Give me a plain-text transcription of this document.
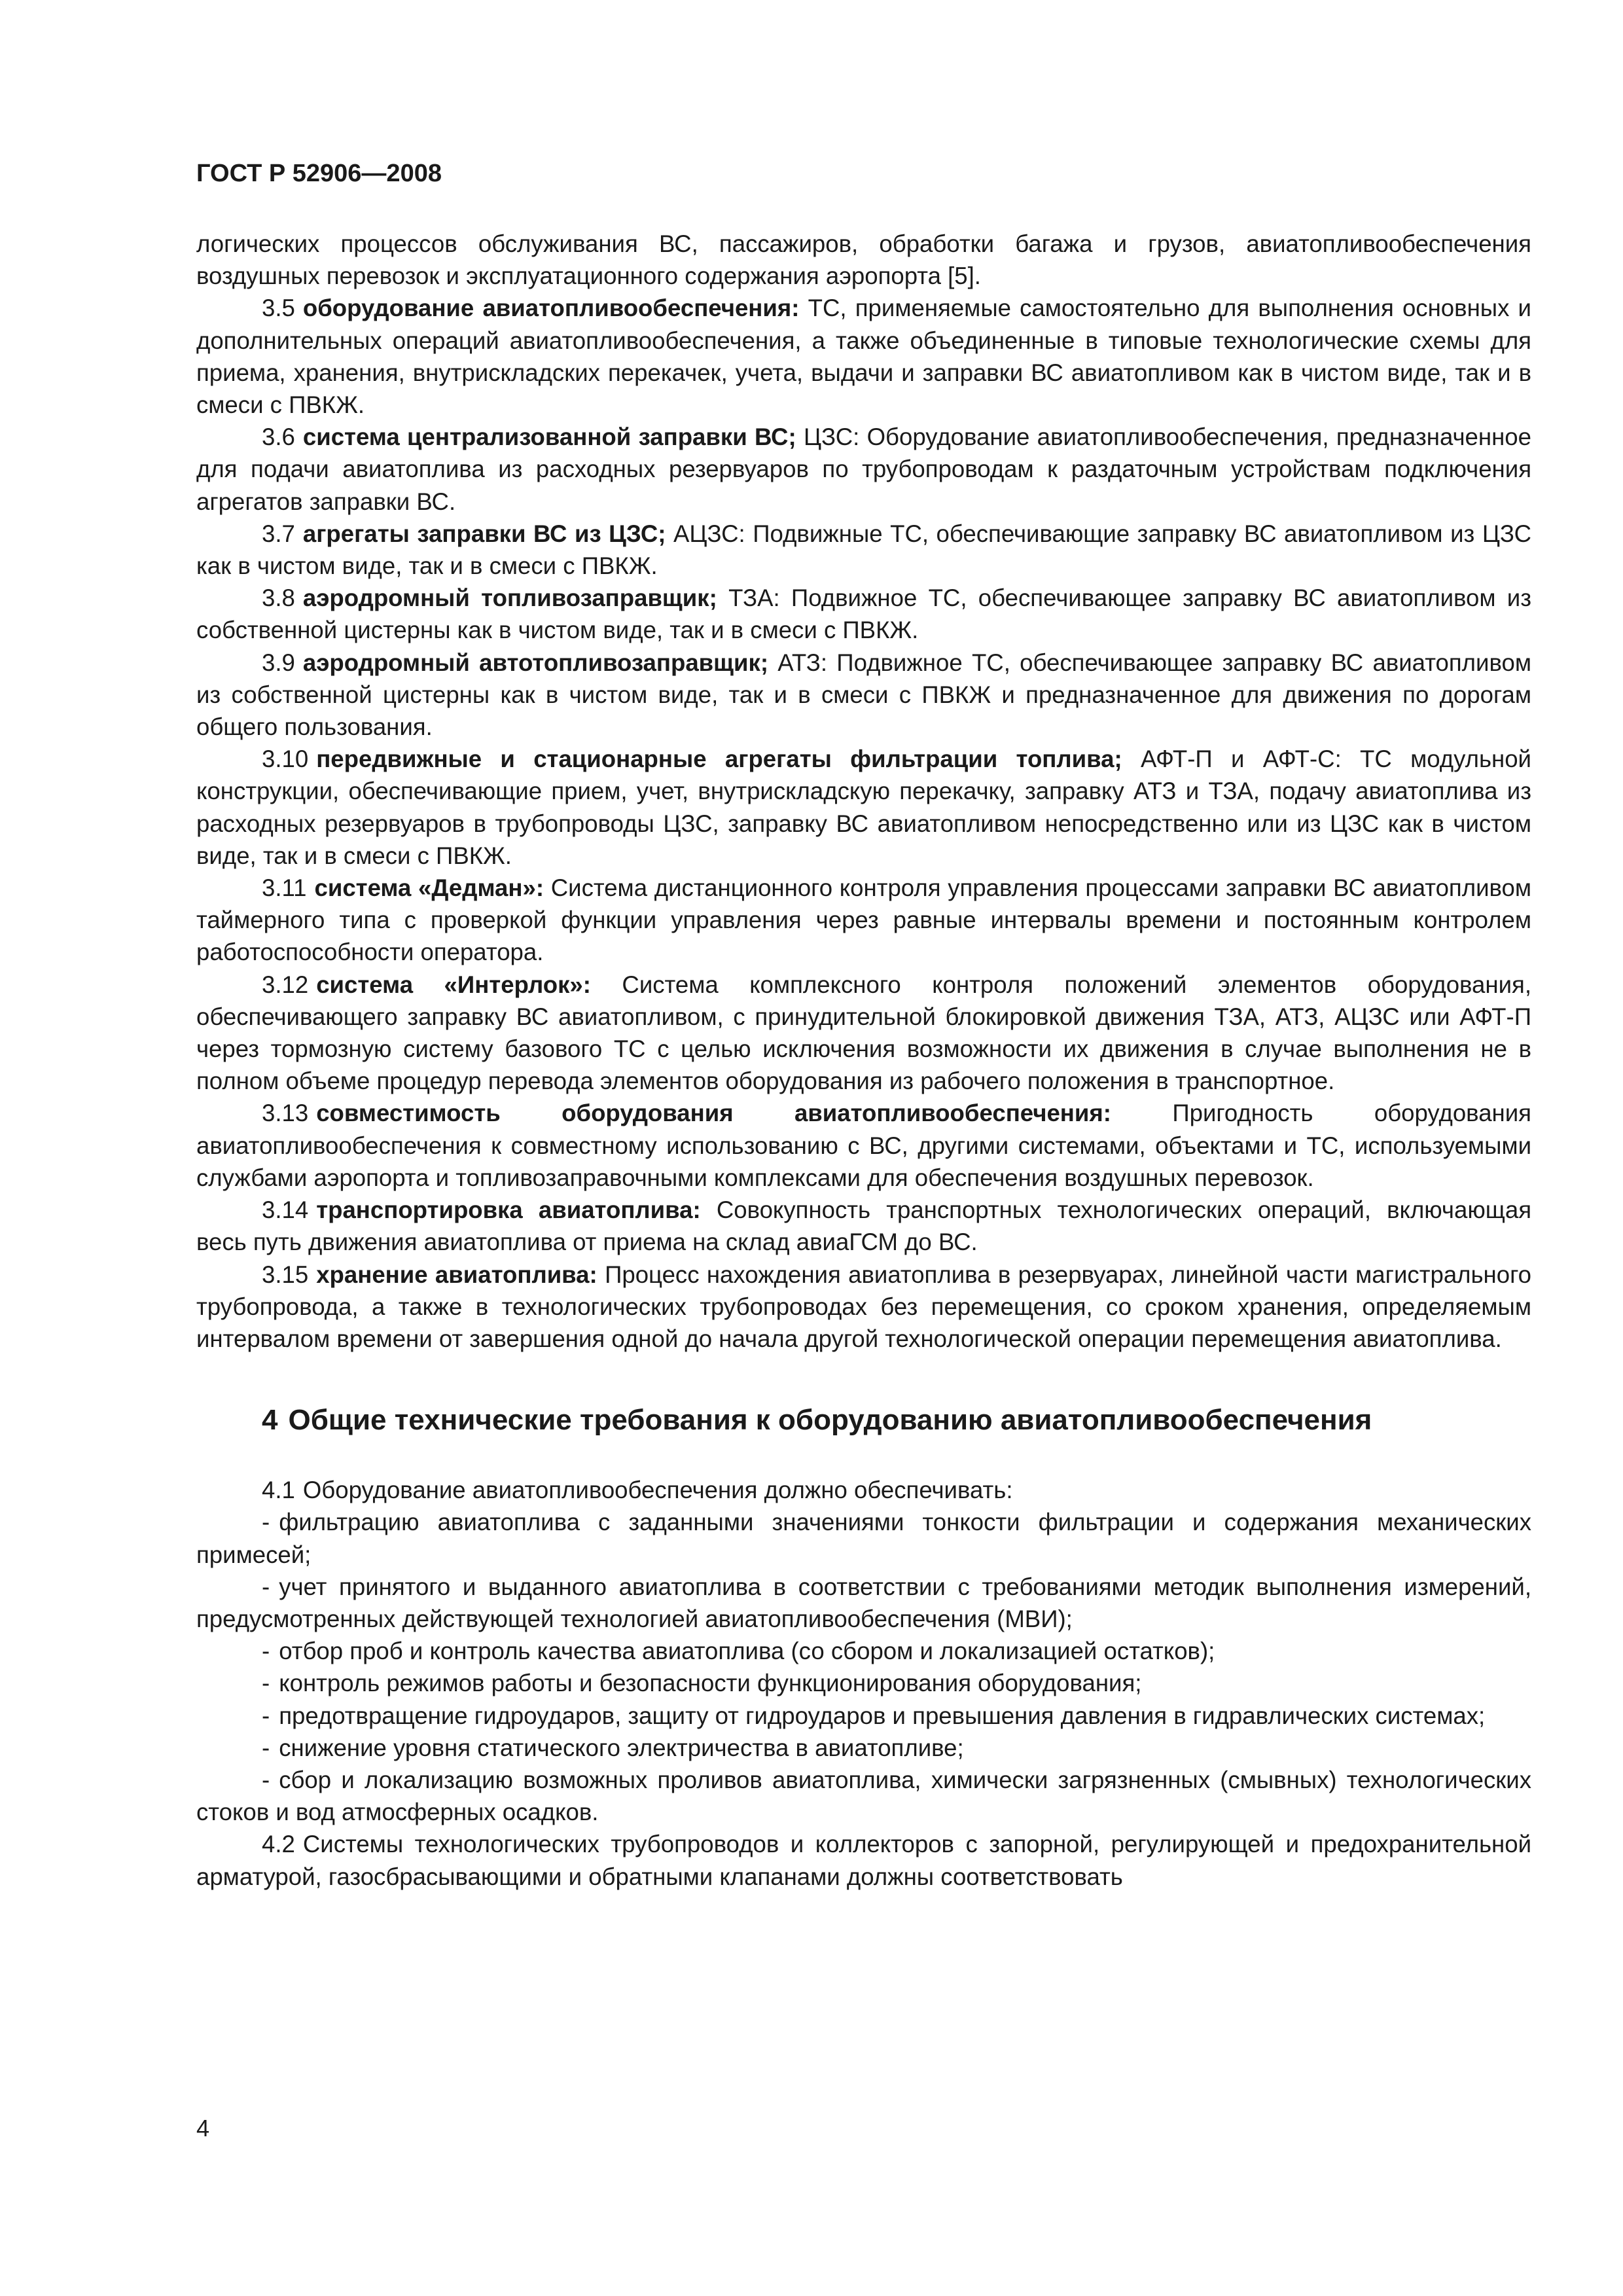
ГОСТ Р 52906—2008

логических процессов обслуживания ВС, пассажиров, обработки багажа и грузов, авиатопливообеспечения воздушных перевозок и эксплуатационного содержания аэропорта [5].

3.5 оборудование авиатопливообеспечения: ТС, применяемые самостоятельно для выполнения основных и дополнительных операций авиатопливообеспечения, а также объединенные в типовые технологические схемы для приема, хранения, внутрискладских перекачек, учета, выдачи и заправки ВС авиатопливом как в чистом виде, так и в смеси с ПВКЖ.

3.6 система централизованной заправки ВС; ЦЗС: Оборудование авиатопливообеспечения, предназначенное для подачи авиатоплива из расходных резервуаров по трубопроводам к раздаточным устройствам подключения агрегатов заправки ВС.

3.7 агрегаты заправки ВС из ЦЗС; АЦЗС: Подвижные ТС, обеспечивающие заправку ВС авиатопливом из ЦЗС как в чистом виде, так и в смеси с ПВКЖ.

3.8 аэродромный топливозаправщик; ТЗА: Подвижное ТС, обеспечивающее заправку ВС авиатопливом из собственной цистерны как в чистом виде, так и в смеси с ПВКЖ.

3.9 аэродромный автотопливозаправщик; АТЗ: Подвижное ТС, обеспечивающее заправку ВС авиатопливом из собственной цистерны как в чистом виде, так и в смеси с ПВКЖ и предназначенное для движения по дорогам общего пользования.

3.10 передвижные и стационарные агрегаты фильтрации топлива; АФТ-П и АФТ-С: ТС модульной конструкции, обеспечивающие прием, учет, внутрискладскую перекачку, заправку АТЗ и ТЗА, подачу авиатоплива из расходных резервуаров в трубопроводы ЦЗС, заправку ВС авиатопливом непосредственно или из ЦЗС как в чистом виде, так и в смеси с ПВКЖ.

3.11 система «Дедман»: Система дистанционного контроля управления процессами заправки ВС авиатопливом таймерного типа с проверкой функции управления через равные интервалы времени и постоянным контролем работоспособности оператора.

3.12 система «Интерлок»: Система комплексного контроля положений элементов оборудования, обеспечивающего заправку ВС авиатопливом, с принудительной блокировкой движения ТЗА, АТЗ, АЦЗС или АФТ-П через тормозную систему базового ТС с целью исключения возможности их движения в случае выполнения не в полном объеме процедур перевода элементов оборудования из рабочего положения в транспортное.

3.13 совместимость оборудования авиатопливообеспечения:	Пригодность оборудования авиатопливообеспечения к совместному использованию с ВС, другими системами, объектами и ТС, используемыми службами аэропорта и топливозаправочными комплексами для обеспечения воздушных перевозок.

3.14 транспортировка авиатоплива: Совокупность транспортных технологических операций, включающая весь путь движения авиатоплива от приема на склад авиаГСМ до ВС.

3.15 хранение авиатоплива: Процесс нахождения авиатоплива в резервуарах, линейной части магистрального трубопровода, а также в технологических трубопроводах без перемещения, со сроком хранения, определяемым интервалом времени от завершения одной до начала другой технологической операции перемещения авиатоплива.

4 Общие технические требования к оборудованию авиатопливообеспечения

4.1 Оборудование авиатопливообеспечения должно обеспечивать:

- фильтрацию авиатоплива с заданными значениями тонкости фильтрации и содержания механических примесей;

- учет принятого и выданного авиатоплива в соответствии с требованиями методик выполнения измерений, предусмотренных действующей технологией авиатопливообеспечения (МВИ);

- отбор проб и контроль качества авиатоплива (со сбором и локализацией остатков);

- контроль режимов работы и безопасности функционирования оборудования;

- предотвращение гидроударов, защиту от гидроударов и превышения давления в гидравлических системах;

- снижение уровня статического электричества в авиатопливе;

- сбор и локализацию возможных проливов авиатоплива, химически загрязненных (смывных) технологических стоков и вод атмосферных осадков.

4.2 Системы технологических трубопроводов и коллекторов с запорной, регулирующей и предохранительной арматурой, газосбрасывающими и обратными клапанами должны соответствовать

4
